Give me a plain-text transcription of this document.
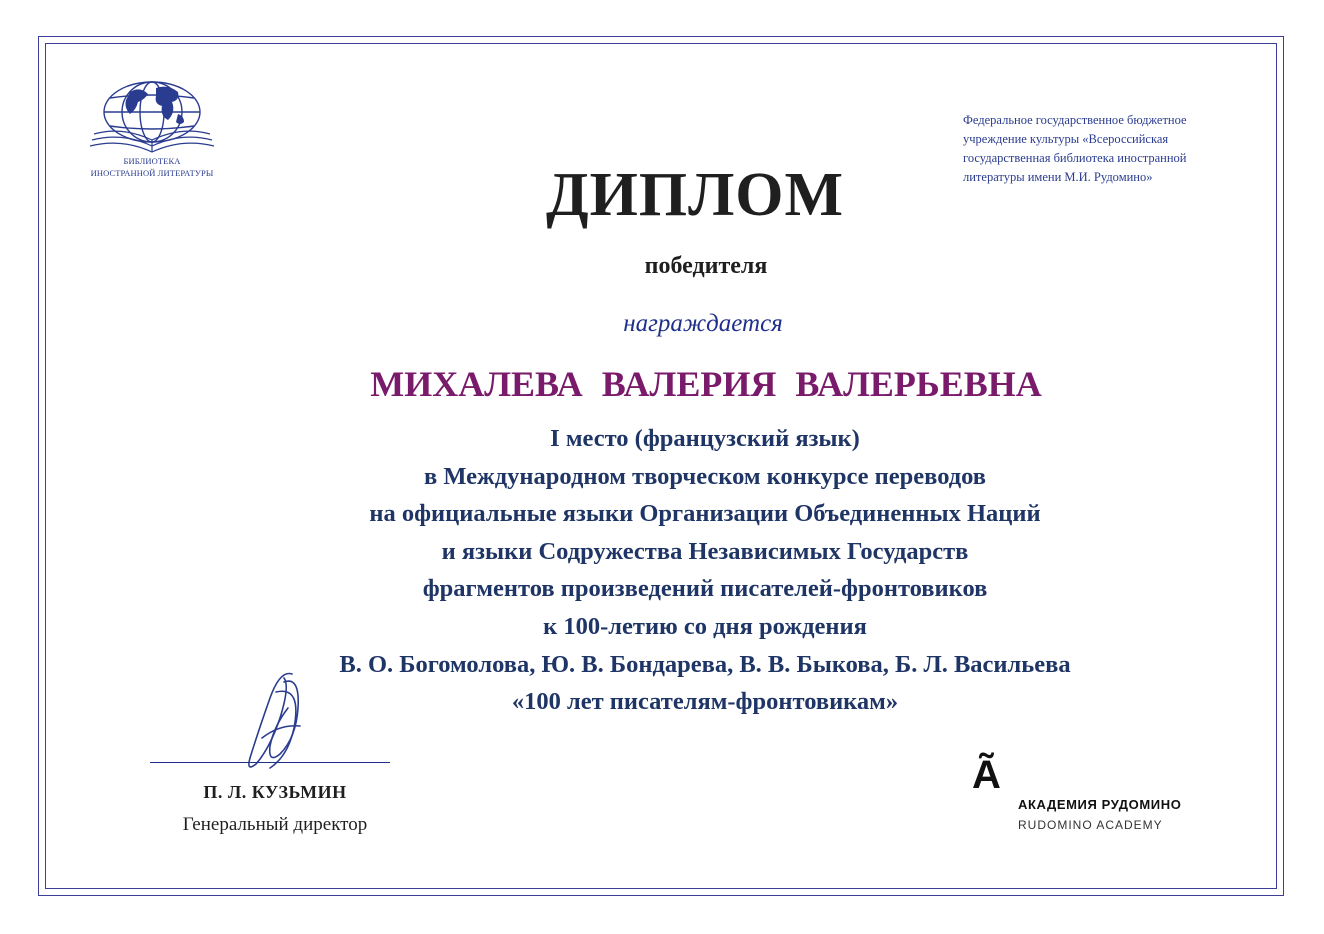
БИБЛИОТЕКА
ИНОСТРАННОЙ ЛИТЕРАТУРЫ
Федеральное государственное бюджетное
учреждение культуры «Всероссийская
государственная библиотека иностранной
литературы имени М.И. Рудомино»
ДИПЛОМ
победителя
награждается
МИХАЛЕВА ВАЛЕРИЯ ВАЛЕРЬЕВНА
I место (французский язык)
в Международном творческом конкурсе переводов
на официальные языки Организации Объединенных Наций
и языки Содружества Независимых Государств
фрагментов произведений писателей-фронтовиков
к 100-летию со дня рождения
В. О. Богомолова, Ю. В. Бондарева, В. В. Быкова, Б. Л. Васильева
«100 лет писателям-фронтовикам»
П. Л. КУЗЬМИН
Генеральный директор
Ã
АКАДЕМИЯ РУДОМИНО
RUDOMINO ACADEMY
